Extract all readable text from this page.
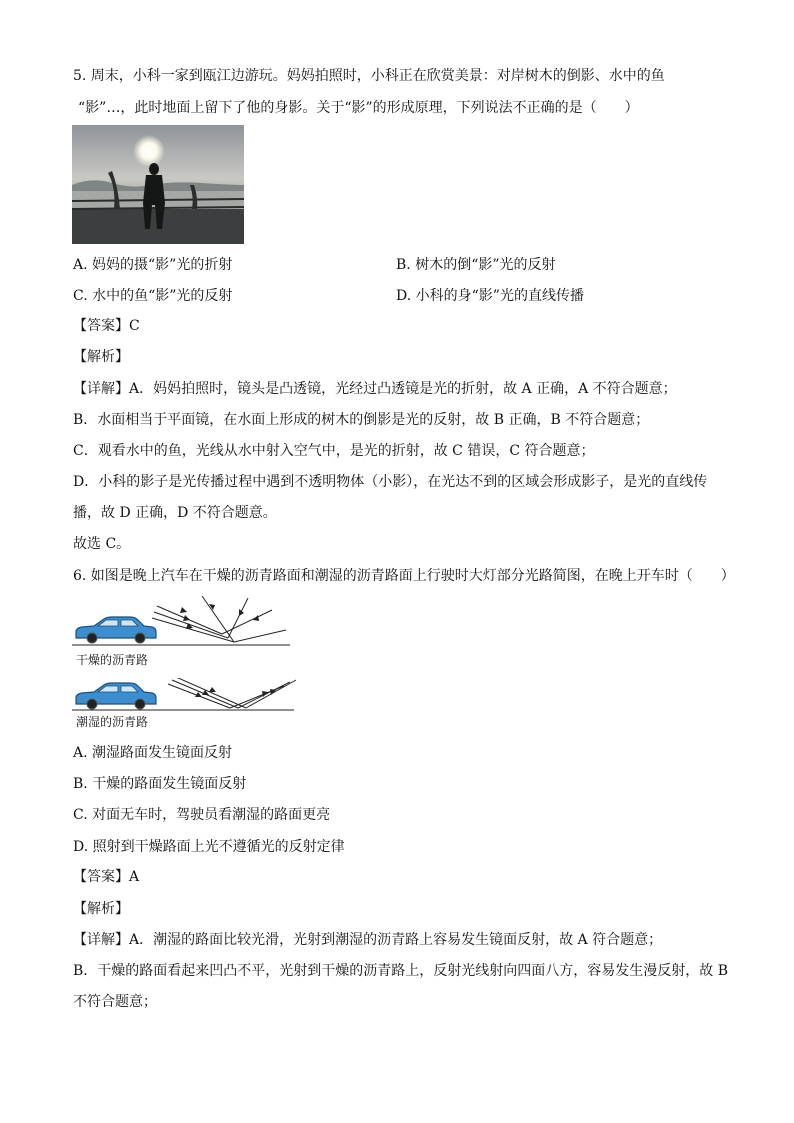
5. 周末，小科一家到瓯江边游玩。妈妈拍照时，小科正在欣赏美景：对岸树木的倒影、水中的鱼
“影”…，此时地面上留下了他的身影。关于“影”的形成原理，下列说法不正确的是（　　）
A. 妈妈的摄“影”光的折射	B. 树木的倒“影”光的反射
C. 水中的鱼“影”光的反射	D. 小科的身“影”光的直线传播
【答案】C
【解析】
【详解】A．妈妈拍照时，镜头是凸透镜，光经过凸透镜是光的折射，故 A 正确，A 不符合题意；
B．水面相当于平面镜，在水面上形成的树木的倒影是光的反射，故 B 正确，B 不符合题意；
C．观看水中的鱼，光线从水中射入空气中，是光的折射，故 C 错误，C 符合题意；
D．小科的影子是光传播过程中遇到不透明物体（小影），在光达不到的区域会形成影子，是光的直线传
播，故 D 正确，D 不符合题意。
故选 C。
6. 如图是晚上汽车在干燥的沥青路面和潮湿的沥青路面上行驶时大灯部分光路简图，在晚上开车时（　　）
干燥的沥青路
潮湿的沥青路
A. 潮湿路面发生镜面反射
B. 干燥的路面发生镜面反射
C. 对面无车时，驾驶员看潮湿的路面更亮
D. 照射到干燥路面上光不遵循光的反射定律
【答案】A
【解析】
【详解】A．潮湿的路面比较光滑，光射到潮湿的沥青路上容易发生镜面反射，故 A 符合题意；
B．干燥的路面看起来凹凸不平，光射到干燥的沥青路上，反射光线射向四面八方，容易发生漫反射，故 B
不符合题意；
